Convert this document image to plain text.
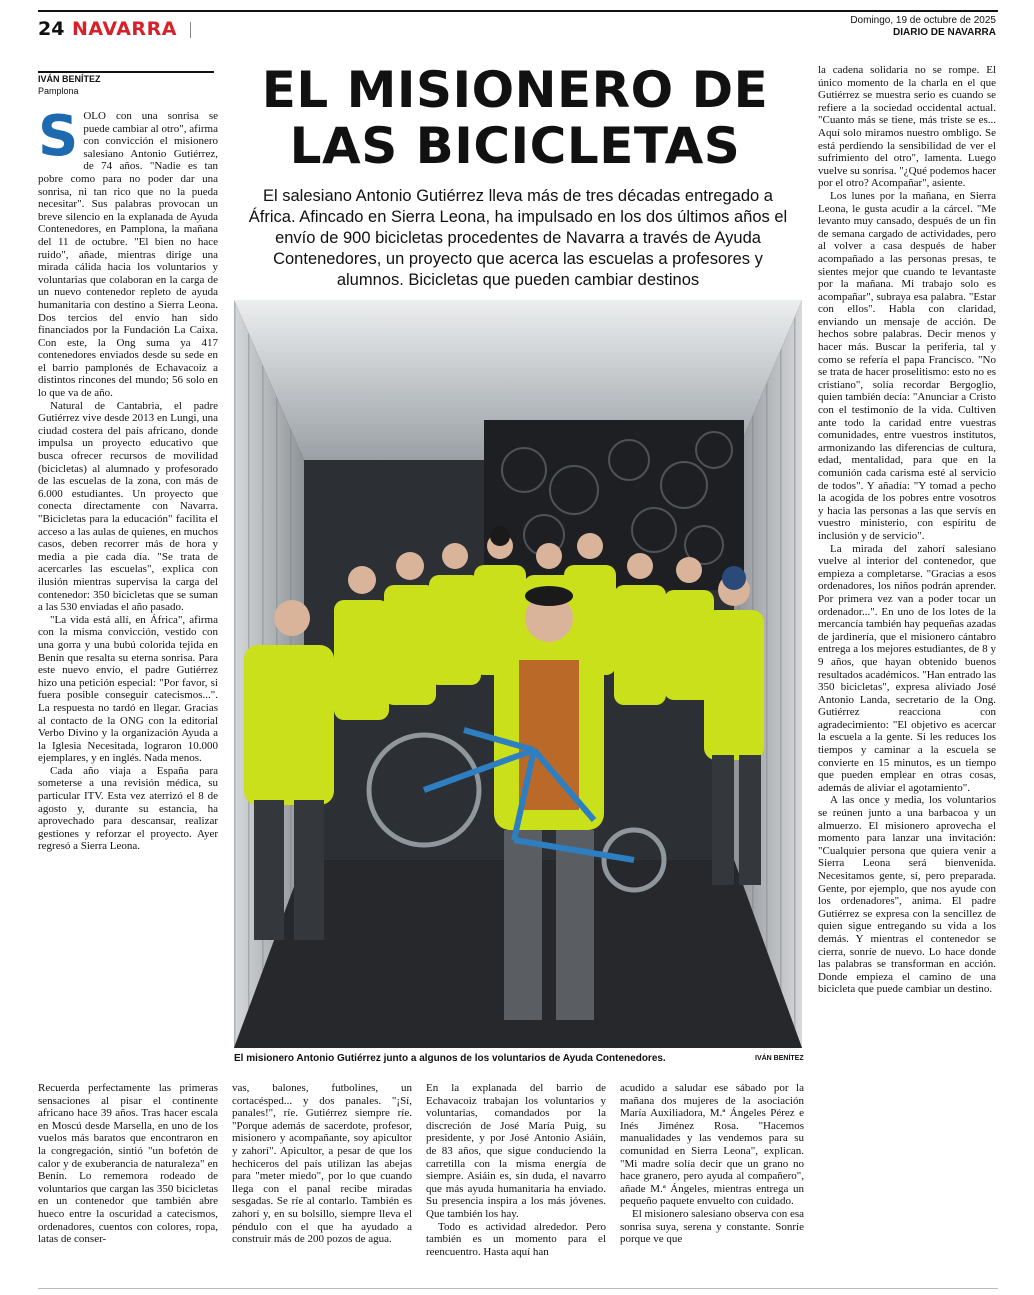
24 NAVARRA	Domingo, 19 de octubre de 2025
DIARIO DE NAVARRA
IVÁN BENÍTEZ
Pamplona	EL MISIONERO DE
LAS BICICLETAS
El salesiano Antonio Gutiérrez lleva más de tres décadas entregado a África. Afincado en Sierra Leona, ha impulsado en los dos últimos años el envío de 900 bicicletas procedentes de Navarra a través de Ayuda Contenedores, un proyecto que acerca las escuelas a profesores y alumnos. Bicicletas que pueden cambiar destinos

SOLO con una sonrisa se puede cambiar al otro", afirma con convicción el misionero salesiano Antonio Gutiérrez, de 74 años. "Nadie es tan pobre como para no poder dar una sonrisa, ni tan rico que no la pueda necesitar". Sus palabras provocan un breve silencio en la explanada de Ayuda Contenedores, en Pamplona, la mañana del 11 de octubre. "El bien no hace ruido", añade, mientras dirige una mirada cálida hacia los voluntarios y voluntarias que colaboran en la carga de un nuevo contenedor repleto de ayuda humanitaria con destino a Sierra Leona. Dos tercios del envío han sido financiados por la Fundación La Caixa. Con este, la Ong suma ya 417 contenedores enviados desde su sede en el barrio pamplonés de Echavacoiz a distintos rincones del mundo; 56 solo en lo que va de año.

Natural de Cantabria, el padre Gutiérrez vive desde 2013 en Lungi, una ciudad costera del país africano, donde impulsa un proyecto educativo que busca ofrecer recursos de movilidad (bicicletas) al alumnado y profesorado de las escuelas de la zona, con más de 6.000 estudiantes. Un proyecto que conecta directamente con Navarra. "Bicicletas para la educación" facilita el acceso a las aulas de quienes, en muchos casos, deben recorrer más de hora y media a pie cada día. "Se trata de acercarles las escuelas", explica con ilusión mientras supervisa la carga del contenedor: 350 bicicletas que se suman a las 530 enviadas el año pasado.

"La vida está allí, en África", afirma con la misma convicción, vestido con una gorra y una bubú colorida tejida en Benín que resalta su eterna sonrisa. Para este nuevo envío, el padre Gutiérrez hizo una petición especial: "Por favor, si fuera posible conseguir catecismos...". La respuesta no tardó en llegar. Gracias al contacto de la ONG con la editorial Verbo Divino y la organización Ayuda a la Iglesia Necesitada, lograron 10.000 ejemplares, y en inglés. Nada menos.

Cada año viaja a España para someterse a una revisión médica, su particular ITV. Esta vez aterrizó el 8 de agosto y, durante su estancia, ha aprovechado para descansar, realizar gestiones y reforzar el proyecto. Ayer regresó a Sierra Leona.

El misionero Antonio Gutiérrez junto a algunos de los voluntarios de Ayuda Contenedores.	IVÁN BENÍTEZ

Recuerda perfectamente las primeras sensaciones al pisar el continente africano hace 39 años. Tras hacer escala en Moscú desde Marsella, en uno de los vuelos más baratos que encontraron en la congregación, sintió "un bofetón de calor y de exuberancia de naturaleza" en Benín. Lo rememora rodeado de voluntarios que cargan las 350 bicicletas en un contenedor que también abre hueco entre la oscuridad a catecismos, ordenadores, cuentos con colores, ropa, latas de conser-

vas, balones, futbolines, un cortacésped... y dos panales. "¡Sí, panales!", ríe. Gutiérrez siempre ríe. "Porque además de sacerdote, profesor, misionero y acompañante, soy apicultor y zahorí". Apicultor, a pesar de que los hechiceros del país utilizan las abejas para "meter miedo", por lo que cuando llega con el panal recibe miradas sesgadas. Se ríe al contarlo. También es zahorí y, en su bolsillo, siempre lleva el péndulo con el que ha ayudado a construir más de 200 pozos de agua.

En la explanada del barrio de Echavacoiz trabajan los voluntarios y voluntarias, comandados por la discreción de José María Puig, su presidente, y por José Antonio Asiáin, de 83 años, que sigue conduciendo la carretilla con la misma energía de siempre. Asiáin es, sin duda, el navarro que más ayuda humanitaria ha enviado. Su presencia inspira a los más jóvenes. Que también los hay.

Todo es actividad alrededor. Pero también es un momento para el reencuentro. Hasta aquí han

acudido a saludar ese sábado por la mañana dos mujeres de la asociación María Auxiliadora, M.ª Ángeles Pérez e Inés Jiménez Rosa. "Hacemos manualidades y las vendemos para su comunidad en Sierra Leona", explican. "Mi madre solía decir que un grano no hace granero, pero ayuda al compañero", añade M.ª Ángeles, mientras entrega un pequeño paquete envuelto con cuidado.

El misionero salesiano observa con esa sonrisa suya, serena y constante. Sonríe porque ve que

la cadena solidaria no se rompe. El único momento de la charla en el que Gutiérrez se muestra serio es cuando se refiere a la sociedad occidental actual. "Cuanto más se tiene, más triste se es... Aquí solo miramos nuestro ombligo. Se está perdiendo la sensibilidad de ver el sufrimiento del otro", lamenta. Luego vuelve su sonrisa. "¿Qué podemos hacer por el otro? Acompañar", asiente.

Los lunes por la mañana, en Sierra Leona, le gusta acudir a la cárcel. "Me levanto muy cansado, después de un fin de semana cargado de actividades, pero al volver a casa después de haber acompañado a las personas presas, te sientes mejor que cuando te levantaste por la mañana. Mi trabajo solo es acompañar", subraya esa palabra. "Estar con ellos". Habla con claridad, enviando un mensaje de acción. De hechos sobre palabras. Decir menos y hacer más. Buscar la periferia, tal y como se refería el papa Francisco. "No se trata de hacer proselitismo: esto no es cristiano", solía recordar Bergoglio, quien también decía: "Anunciar a Cristo con el testimonio de la vida. Cultiven ante todo la caridad entre vuestras comunidades, entre vuestros institutos, armonizando las diferencias de cultura, edad, mentalidad, para que en la comunión cada carisma esté al servicio de todos". Y añadía: "Y tomad a pecho la acogida de los pobres entre vosotros y hacia las personas a las que servís en vuestro ministerio, con espíritu de inclusión y de servicio".

La mirada del zahorí salesiano vuelve al interior del contenedor, que empieza a completarse. "Gracias a esos ordenadores, los niños podrán aprender. Por primera vez van a poder tocar un ordenador...". En uno de los lotes de la mercancía también hay pequeñas azadas de jardinería, que el misionero cántabro entrega a los mejores estudiantes, de 8 y 9 años, que hayan obtenido buenos resultados académicos. "Han entrado las 350 bicicletas", expresa aliviado José Antonio Landa, secretario de la Ong. Gutiérrez reacciona con agradecimiento: "El objetivo es acercar la escuela a la gente. Si les reduces los tiempos y caminar a la escuela se convierte en 15 minutos, es un tiempo que pueden emplear en otras cosas, además de aliviar el agotamiento".

A las once y media, los voluntarios se reúnen junto a una barbacoa y un almuerzo. El misionero aprovecha el momento para lanzar una invitación: "Cualquier persona que quiera venir a Sierra Leona será bienvenida. Necesitamos gente, sí, pero preparada. Gente, por ejemplo, que nos ayude con los ordenadores", anima. El padre Gutiérrez se expresa con la sencillez de quien sigue entregando su vida a los demás. Y mientras el contenedor se cierra, sonríe de nuevo. Lo hace donde las palabras se transforman en acción. Donde empieza el camino de una bicicleta que puede cambiar un destino.
